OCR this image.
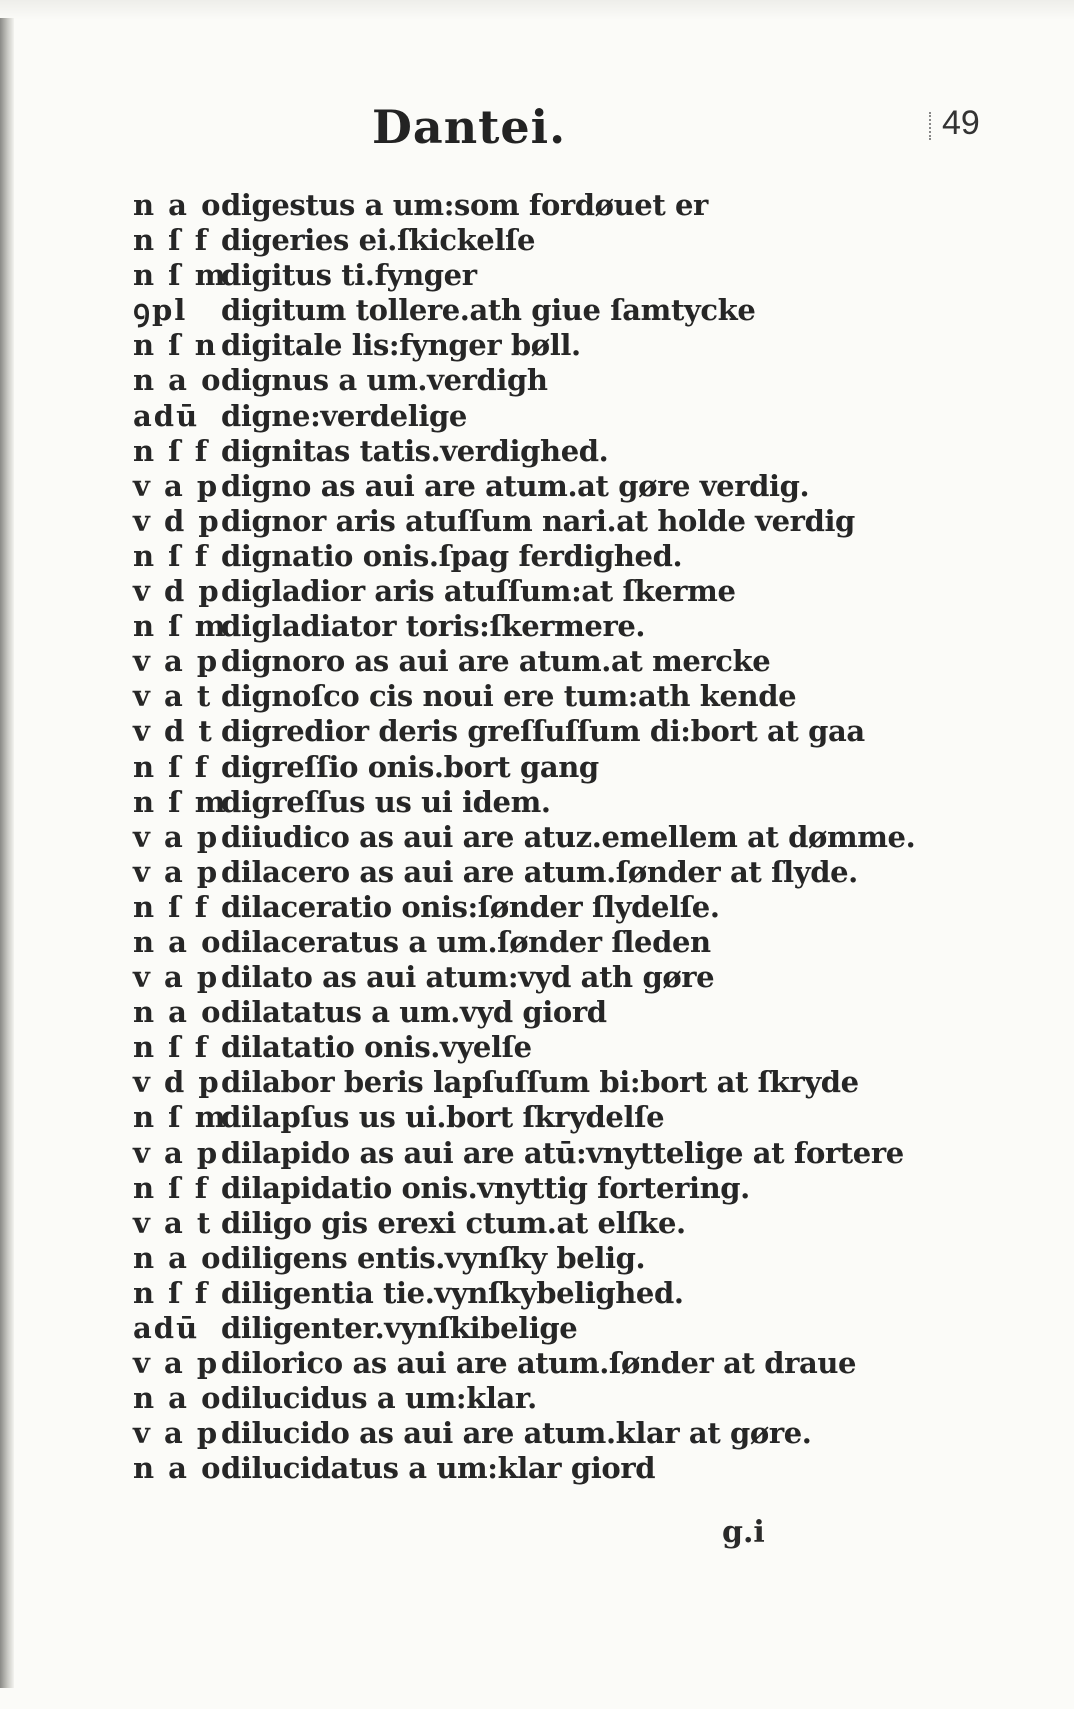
Dantei.	49
n a o
digestus a um:som fordøuet er
n ſ f digeries ei.ſkickelſe
n ſ m
digitus ti.fynger
ꝯpl	digitum tollere.ath giue ſamtycke
n ſ n digitale lis:fynger bøll.
n a o
dignus a um.verdigh
adū digne:verdelige
n ſ f dignitas tatis.verdighed.
v a p digno as aui are atum.at gøre verdig.
v d p dignor aris atuſſum nari.at holde verdig
n ſ f dignatio onis.ſpag ferdighed.
v d p digladior aris atuſſum:at ſkerme
n ſ m
digladiator toris:ſkermere.
v a p dignoro as aui are atum.at mercke
v a t dignoſco cis noui ere tum:ath kende
v d t digredior deris greſſuſſum di:bort at gaa
n ſ f digreſſio onis.bort gang
n ſ m
digreſſus us ui idem.
v a p diiudico as aui are atuz.emellem at dømme.
v a p dilacero as aui are atum.ſønder at ſlyde.
n ſ f dilaceratio onis:ſønder ſlydelſe.
n a o
dilaceratus a um.ſønder ſleden
v a p dilato as aui atum:vyd ath gøre
n a o
dilatatus a um.vyd giord
n ſ f dilatatio onis.vyelſe
v d p dilabor beris lapſuſſum bi:bort at ſkryde
n ſ m
dilapſus us ui.bort ſkrydelſe
v a p dilapido as aui are atū:vnyttelige at fortere
n ſ f dilapidatio onis.vnyttig fortering.
v a t diligo gis erexi ctum.at elſke.
n a o
diligens entis.vynſky belig.
n ſ f diligentia tie.vynſkybelighed.
adū diligenter.vynſkibelige
v a p dilorico as aui are atum.ſønder at draue
n a o
dilucidus a um:klar.
v a p dilucido as aui are atum.klar at gøre.
n a o
dilucidatus a um:klar giord
g.i
